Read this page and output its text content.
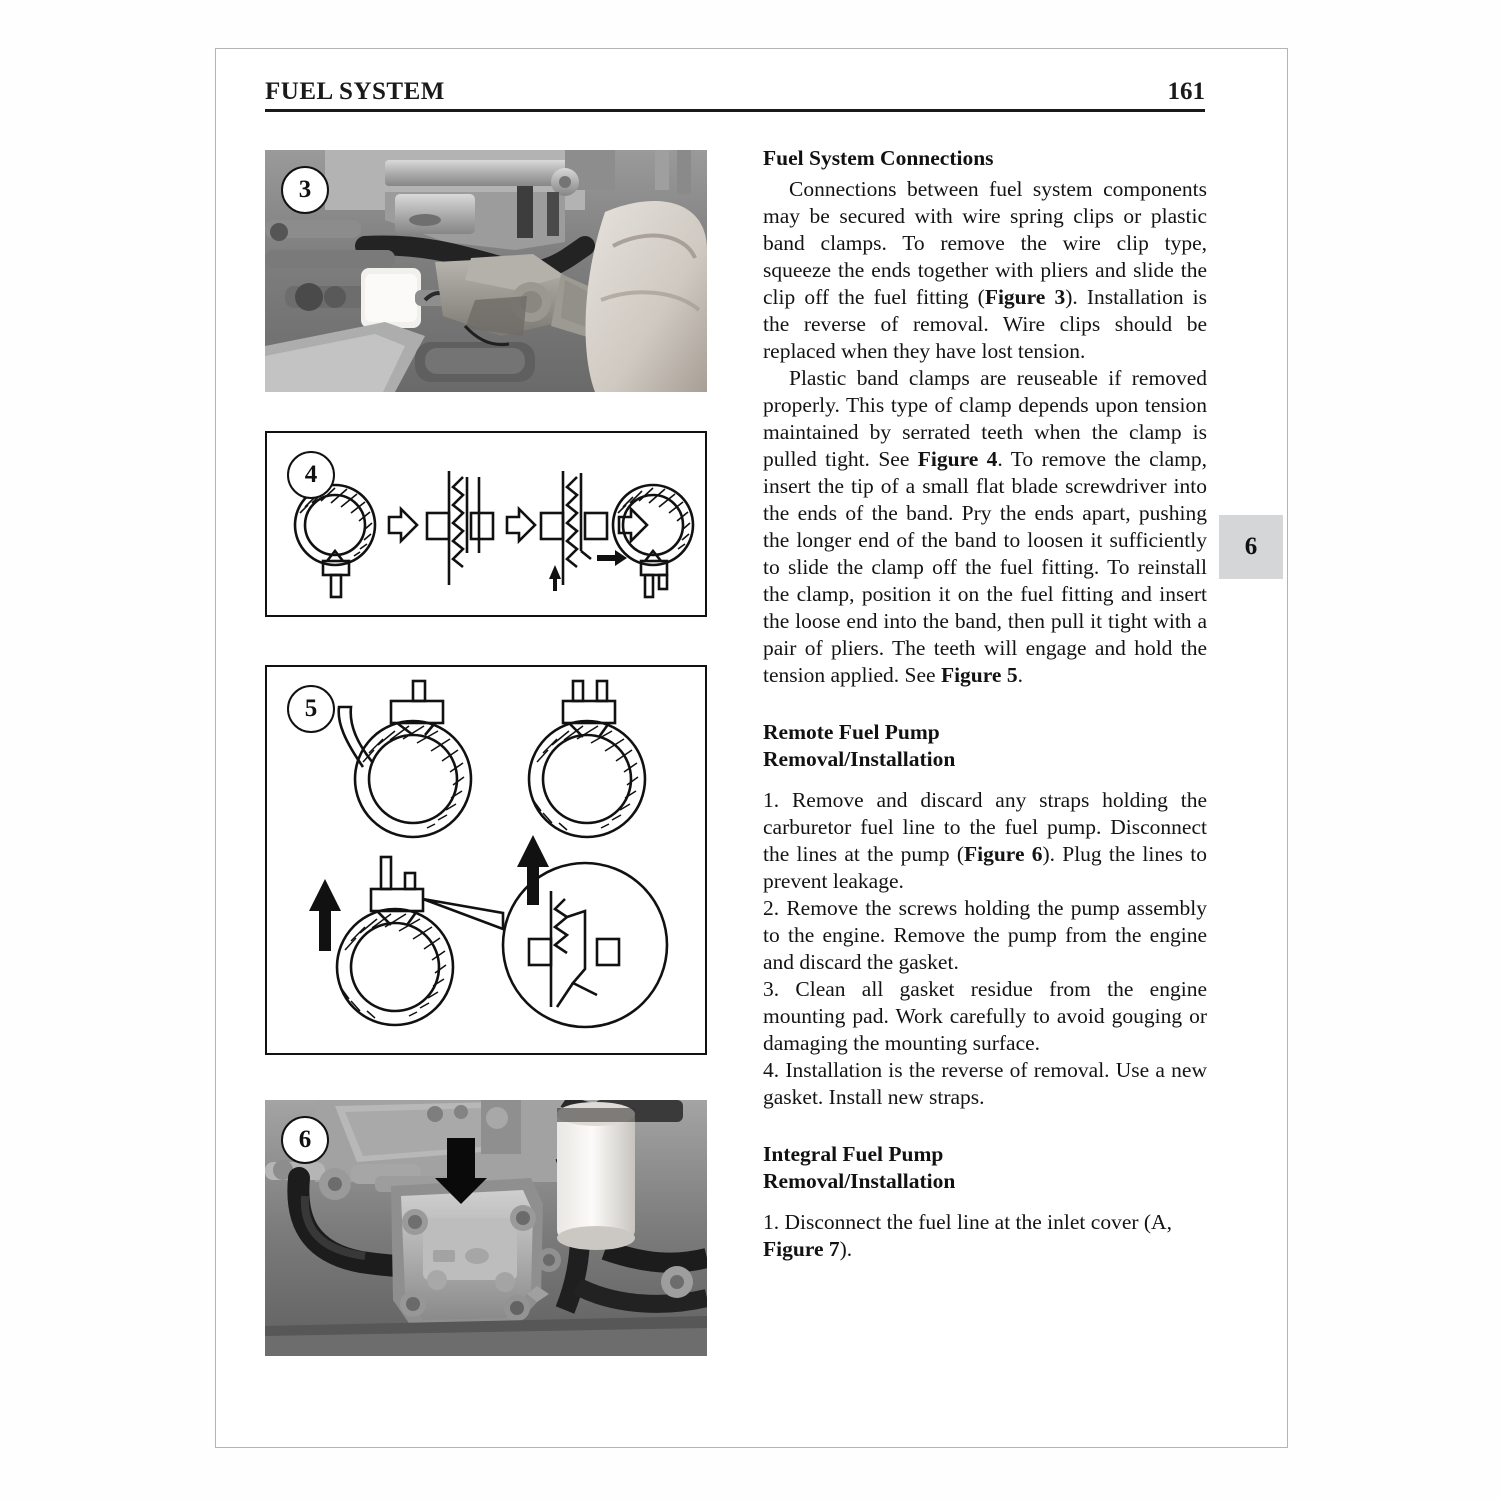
FUEL SYSTEM	161
6
3
4
5
6
Fuel System Connections

Connections between fuel system components may be secured with wire spring clips or plastic band clamps. To remove the wire clip type, squeeze the ends together with pliers and slide the clip off the fuel fitting (Figure 3). Installation is the reverse of removal. Wire clips should be replaced when they have lost tension.

Plastic band clamps are reuseable if removed properly. This type of clamp depends upon tension maintained by serrated teeth when the clamp is pulled tight. See Figure 4. To remove the clamp, insert the tip of a small flat blade screwdriver into the ends of the band. Pry the ends apart, pushing the longer end of the band to loosen it sufficiently to slide the clamp off the fuel fitting. To reinstall the clamp, position it on the fuel fitting and insert the loose end into the band, then pull it tight with a pair of pliers. The teeth will engage and hold the tension applied. See Figure 5.

Remote Fuel Pump
Removal/Installation

1. Remove and discard any straps holding the carburetor fuel line to the fuel pump. Disconnect the lines at the pump (Figure 6). Plug the lines to prevent leakage.

2. Remove the screws holding the pump assembly to the engine. Remove the pump from the engine and discard the gasket.

3. Clean all gasket residue from the engine mounting pad. Work carefully to avoid gouging or damaging the mounting surface.

4. Installation is the reverse of removal. Use a new gasket. Install new straps.

Integral Fuel Pump
Removal/Installation

1. Disconnect the fuel line at the inlet cover (A, Figure 7).
